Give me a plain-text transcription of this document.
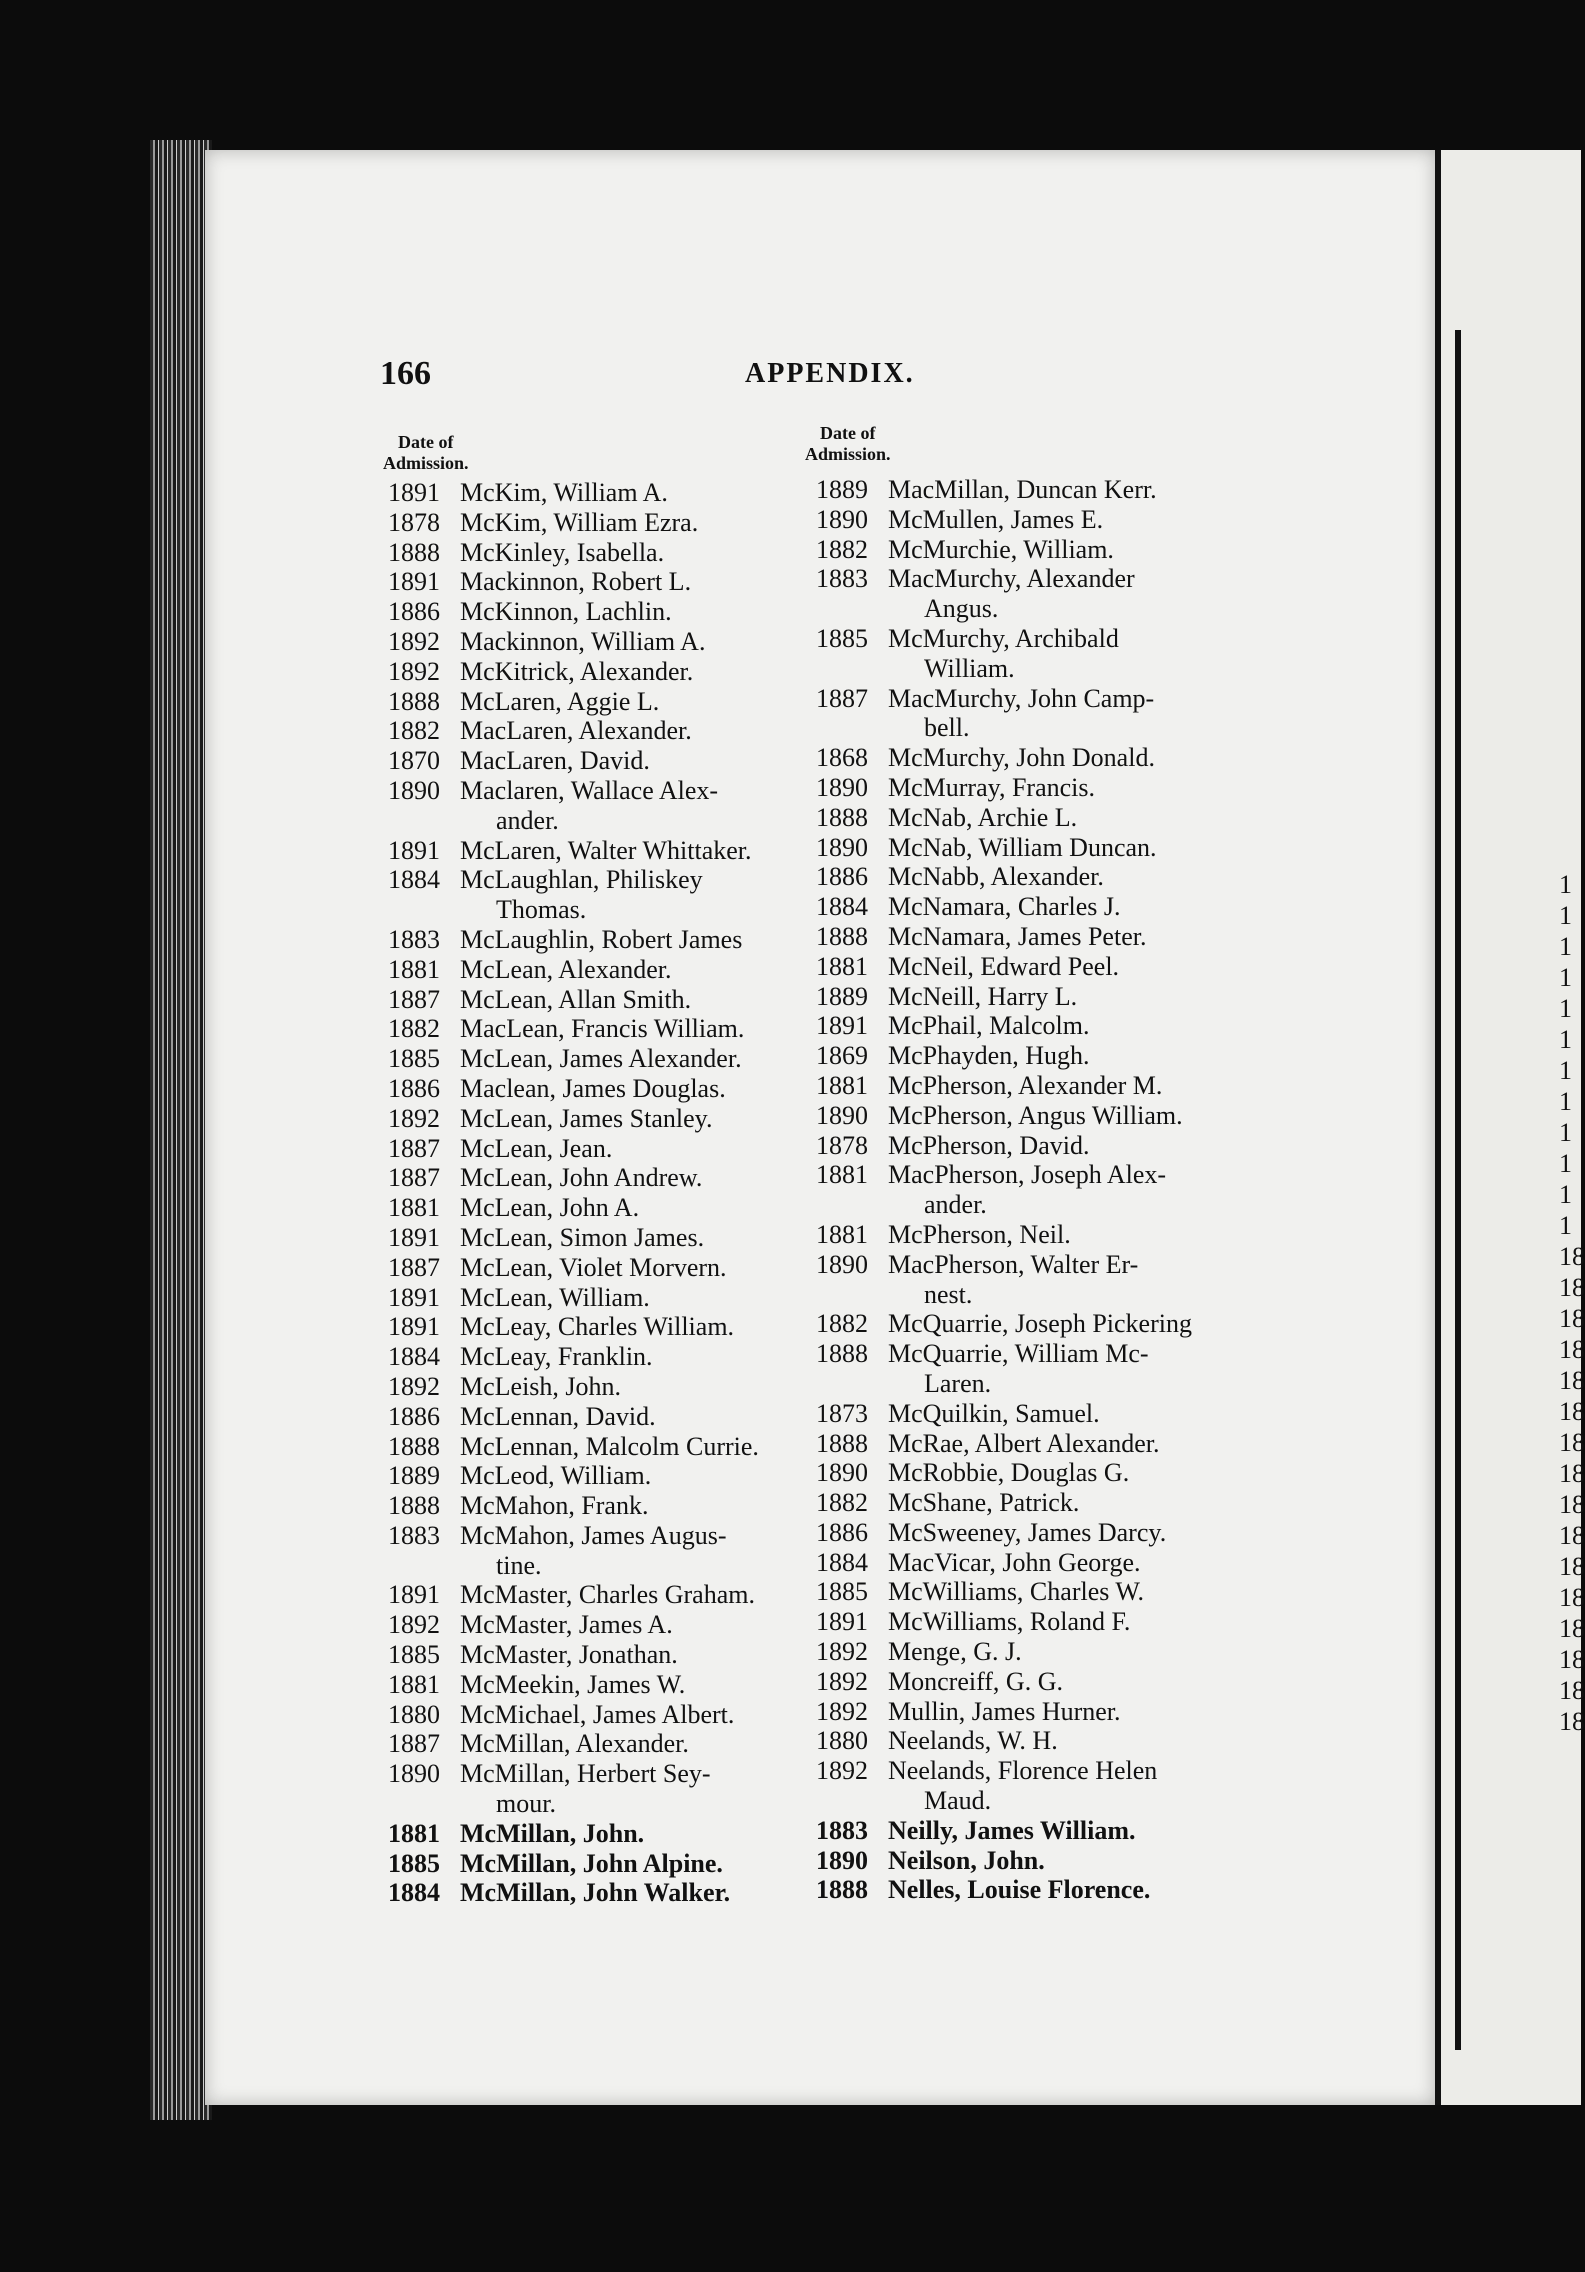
1
1
1
1
1
1
1
1
1
1
1
1
18
18
18
18
18
18
18
18
18
18
18
18
18
18
18
18
166	APPENDIX.
Date of
Admission.
Date of
Admission.
1891 McKim, William A.
1878 McKim, William Ezra.
1888 McKinley, Isabella.
1891 Mackinnon, Robert L.
1886 McKinnon, Lachlin.
1892 Mackinnon, William A.
1892 McKitrick, Alexander.
1888 McLaren, Aggie L.
1882 MacLaren, Alexander.
1870 MacLaren, David.
1890 Maclaren, Wallace Alex-
ander.
1891 McLaren, Walter Whittaker.
1884 McLaughlan, Philiskey
Thomas.
1883 McLaughlin, Robert James
1881 McLean, Alexander.
1887 McLean, Allan Smith.
1882 MacLean, Francis William.
1885 McLean, James Alexander.
1886 Maclean, James Douglas.
1892 McLean, James Stanley.
1887 McLean, Jean.
1887 McLean, John Andrew.
1881 McLean, John A.
1891 McLean, Simon James.
1887 McLean, Violet Morvern.
1891 McLean, William.
1891 McLeay, Charles William.
1884 McLeay, Franklin.
1892 McLeish, John.
1886 McLennan, David.
1888 McLennan, Malcolm Currie.
1889 McLeod, William.
1888 McMahon, Frank.
1883 McMahon, James Augus-
tine.
1891 McMaster, Charles Graham.
1892 McMaster, James A.
1885 McMaster, Jonathan.
1881 McMeekin, James W.
1880 McMichael, James Albert.
1887 McMillan, Alexander.
1890 McMillan, Herbert Sey-
mour.
1881 McMillan, John.
1885 McMillan, John Alpine.
1884 McMillan, John Walker.
1889 MacMillan, Duncan Kerr.
1890 McMullen, James E.
1882 McMurchie, William.
1883 MacMurchy, Alexander
Angus.
1885 McMurchy, Archibald
William.
1887 MacMurchy, John Camp-
bell.
1868 McMurchy, John Donald.
1890 McMurray, Francis.
1888 McNab, Archie L.
1890 McNab, William Duncan.
1886 McNabb, Alexander.
1884 McNamara, Charles J.
1888 McNamara, James Peter.
1881 McNeil, Edward Peel.
1889 McNeill, Harry L.
1891 McPhail, Malcolm.
1869 McPhayden, Hugh.
1881 McPherson, Alexander M.
1890 McPherson, Angus William.
1878 McPherson, David.
1881 MacPherson, Joseph Alex-
ander.
1881 McPherson, Neil.
1890 MacPherson, Walter Er-
nest.
1882 McQuarrie, Joseph Pickering
1888 McQuarrie, William Mc-
Laren.
1873 McQuilkin, Samuel.
1888 McRae, Albert Alexander.
1890 McRobbie, Douglas G.
1882 McShane, Patrick.
1886 McSweeney, James Darcy.
1884 MacVicar, John George.
1885 McWilliams, Charles W.
1891 McWilliams, Roland F.
1892 Menge, G. J.
1892 Moncreiff, G. G.
1892 Mullin, James Hurner.
1880 Neelands, W. H.
1892 Neelands, Florence Helen
Maud.
1883 Neilly, James William.
1890 Neilson, John.
1888 Nelles, Louise Florence.
